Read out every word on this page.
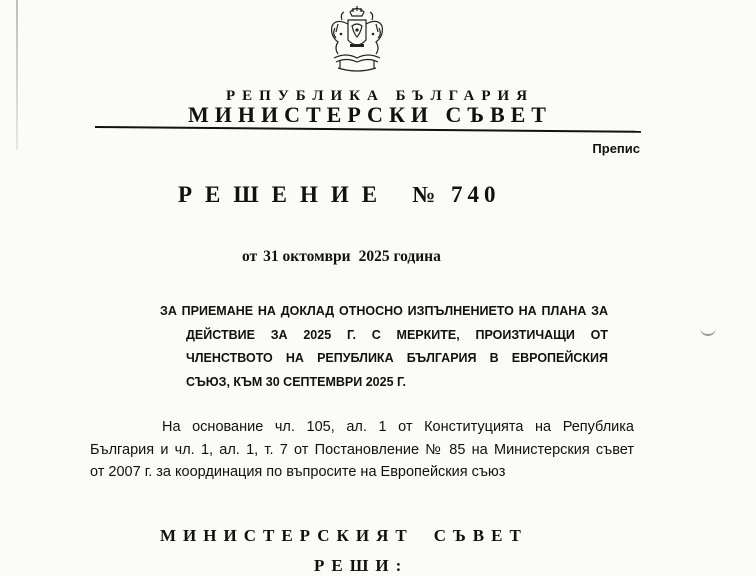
РЕПУБЛИКА БЪЛГАРИЯ
МИНИСТЕРСКИ СЪВЕТ
Препис
РЕШЕНИЕ № 740
от 31 октомври 2025 година
ЗА ПРИЕМАНЕ НА ДОКЛАД ОТНОСНО ИЗПЪЛНЕНИЕТО НА ПЛАНА ЗА
ДЕЙСТВИЕ ЗА 2025 Г. С МЕРКИТЕ, ПРОИЗТИЧАЩИ ОТ
ЧЛЕНСТВОТО НА РЕПУБЛИКА БЪЛГАРИЯ В ЕВРОПЕЙСКИЯ
СЪЮЗ, КЪМ 30 СЕПТЕМВРИ 2025 Г.
На основание чл. 105, ал. 1 от Конституцията на Република
България и чл. 1, ал. 1, т. 7 от Постановление № 85 на Министерския съвет
от 2007 г. за координация по въпросите на Европейския съюз
МИНИСТЕРСКИЯТ СЪВЕТ
РЕШИ:
